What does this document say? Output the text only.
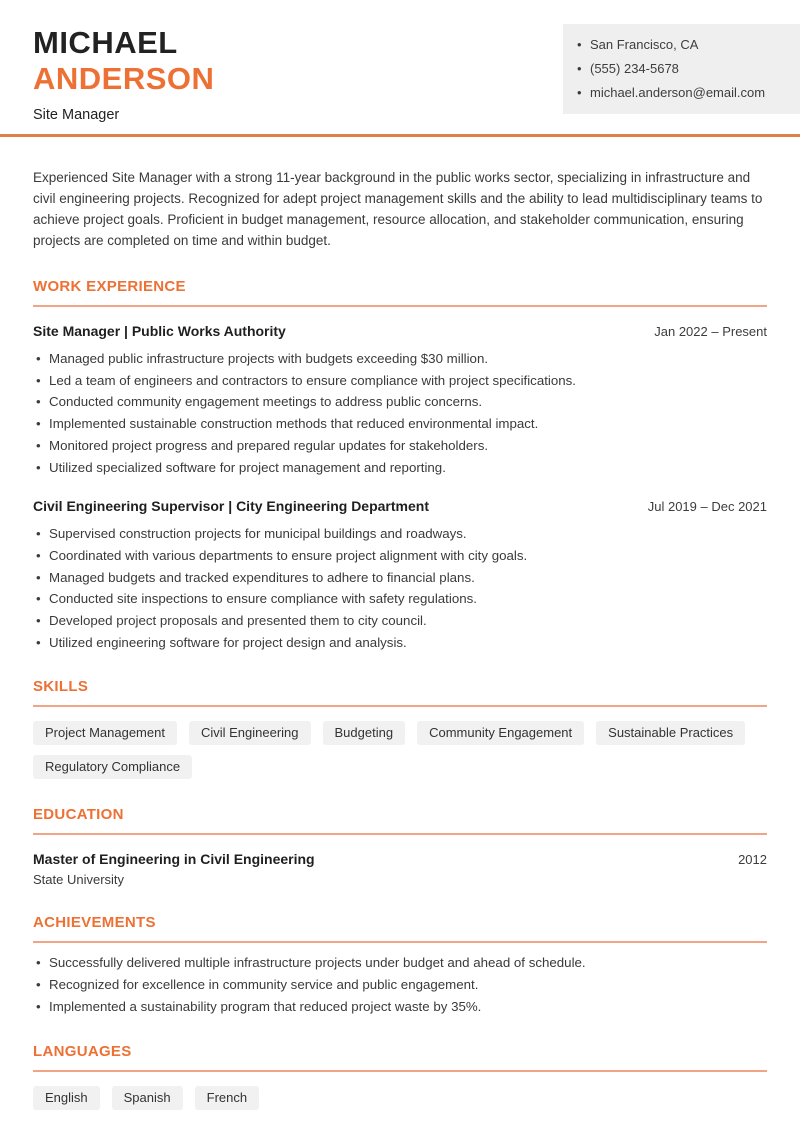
MICHAEL
ANDERSON
Site Manager
• San Francisco, CA
• (555) 234-5678
• michael.anderson@email.com

Experienced Site Manager with a strong 11-year background in the public works sector, specializing in infrastructure and civil engineering projects. Recognized for adept project management skills and the ability to lead multidisciplinary teams to achieve project goals. Proficient in budget management, resource allocation, and stakeholder communication, ensuring projects are completed on time and within budget.

WORK EXPERIENCE
Site Manager | Public Works Authority	Jan 2022 – Present
• Managed public infrastructure projects with budgets exceeding $30 million.
• Led a team of engineers and contractors to ensure compliance with project specifications.
• Conducted community engagement meetings to address public concerns.
• Implemented sustainable construction methods that reduced environmental impact.
• Monitored project progress and prepared regular updates for stakeholders.
• Utilized specialized software for project management and reporting.
Civil Engineering Supervisor | City Engineering Department	Jul 2019 – Dec 2021
• Supervised construction projects for municipal buildings and roadways.
• Coordinated with various departments to ensure project alignment with city goals.
• Managed budgets and tracked expenditures to adhere to financial plans.
• Conducted site inspections to ensure compliance with safety regulations.
• Developed project proposals and presented them to city council.
• Utilized engineering software for project design and analysis.
SKILLS
Project Management	Civil Engineering	Budgeting	Community Engagement	Sustainable Practices
Regulatory Compliance
EDUCATION
Master of Engineering in Civil Engineering	2012
State University
ACHIEVEMENTS
• Successfully delivered multiple infrastructure projects under budget and ahead of schedule.
• Recognized for excellence in community service and public engagement.
• Implemented a sustainability program that reduced project waste by 35%.
LANGUAGES
English	Spanish	French
